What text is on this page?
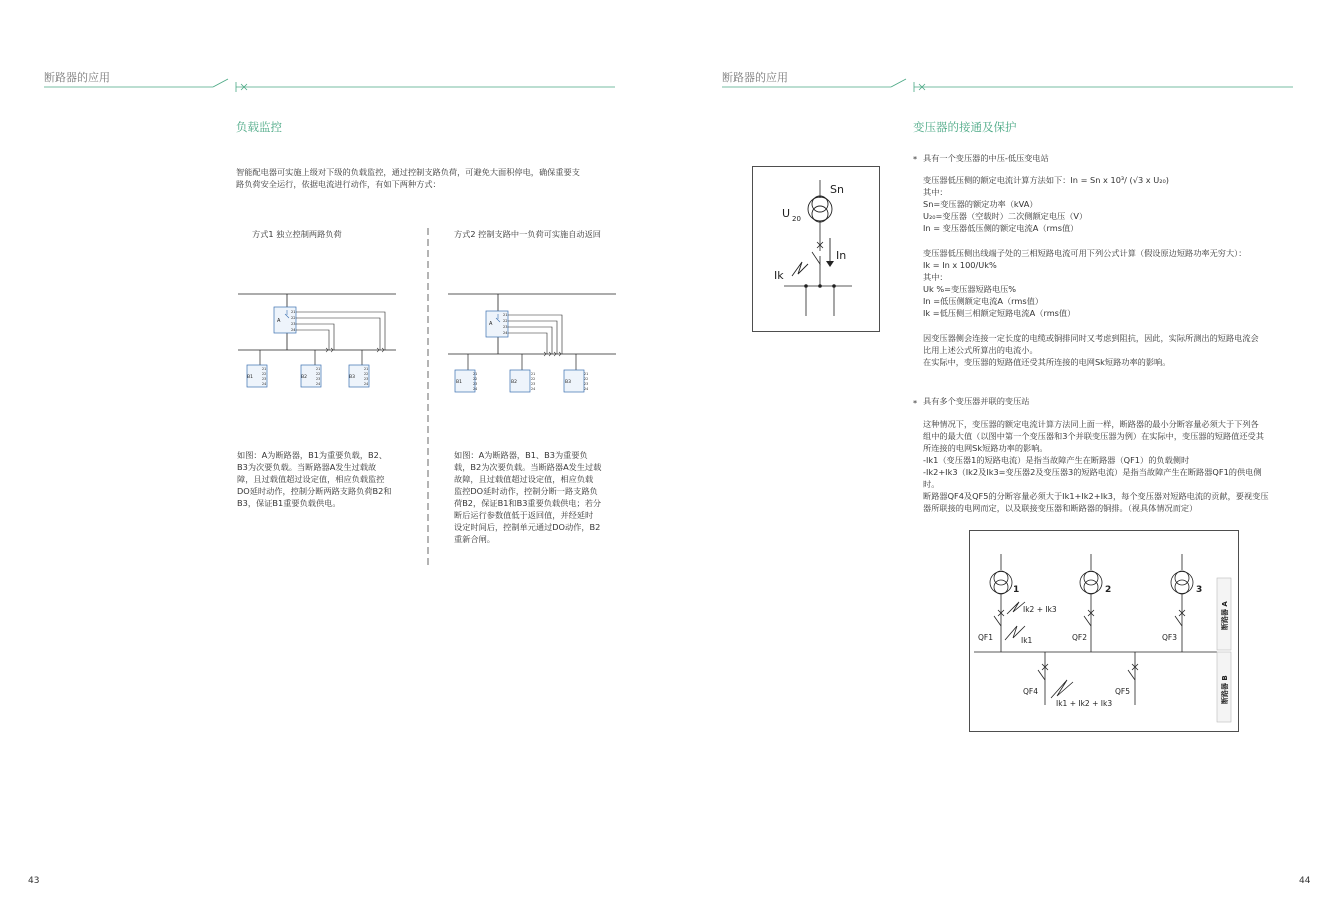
断路器的应用
负载监控
智能配电器可实施上级对下级的负载监控，通过控制支路负荷，可避免大面积停电，确保重要支
路负荷安全运行，依据电流进行动作，有如下两种方式：
方式1 独立控制两路负荷	方式2 控制支路中一负荷可实施自动返回
A
21
22
23
24
B1	B2	B3
21
22
23
24
21
22
23
24
21
22
23
24
A
21
22
23
24
B1	B2	B3
21
22
23
24
21
22
23
24
21
22
23
24
如图：A为断路器，B1为重要负载，B2、
B3为次要负载。当断路器A发生过载故
障，且过载值超过设定值，相应负载监控
DO延时动作，控制分断两路支路负荷B2和
B3，保证B1重要负载供电。
如图：A为断路器，B1、B3为重要负
载，B2为次要负载。当断路器A发生过载
故障，且过载值超过设定值，相应负载
监控DO延时动作，控制分断一路支路负
荷B2，保证B1和B3重要负载供电；若分
断后运行参数值低于返回值，并经延时
设定时间后，控制单元通过DO动作，B2
重新合闸。
43
断路器的应用
变压器的接通及保护
* 具有一个变压器的中压-低压变电站
变压器低压侧的额定电流计算方法如下：In = Sn x 10³/ (√3 x U₂₀)
其中：
Sn=变压器的额定功率（kVA）
U₂₀=变压器（空载时）二次侧额定电压（V）
In = 变压器低压侧的额定电流A（rms值）
变压器低压侧出线端子处的三相短路电流可用下列公式计算（假设原边短路功率无穷大）：
Ik = In x 100/Uk%
其中：
Uk %=变压器短路电压%
In =低压侧额定电流A（rms值）
Ik =低压侧三相额定短路电流A（rms值）
因变压器侧会连接一定长度的电缆或铜排同时又考虑到阻抗，因此，实际所测出的短路电流会
比用上述公式所算出的电流小。
在实际中，变压器的短路值还受其所连接的电网Sk短路功率的影响。
* 具有多个变压器并联的变压站
这种情况下，变压器的额定电流计算方法同上面一样，断路器的最小分断容量必须大于下列各
组中的最大值（以图中第一个变压器和3个并联变压器为例）在实际中，变压器的短路值还受其
所连接的电网Sk短路功率的影响。
-Ik1（变压器1的短路电流）是指当故障产生在断路器（QF1）的负载侧时
-Ik2+Ik3（Ik2及Ik3=变压器2及变压器3的短路电流）是指当故障产生在断路器QF1的供电侧
时。
断路器QF4及QF5的分断容量必须大于Ik1+Ik2+Ik3，每个变压器对短路电流的贡献，要视变压
器所联接的电网而定，以及联接变压器和断路器的铜排。（视具体情况而定）
Sn
U 20
In
Ik
1	2	3
Ik2 + Ik3
Ik1
QF1	QF2	QF3
QF4	QF5
Ik1 + Ik2 + Ik3
断路器 A
断路器 B
44
